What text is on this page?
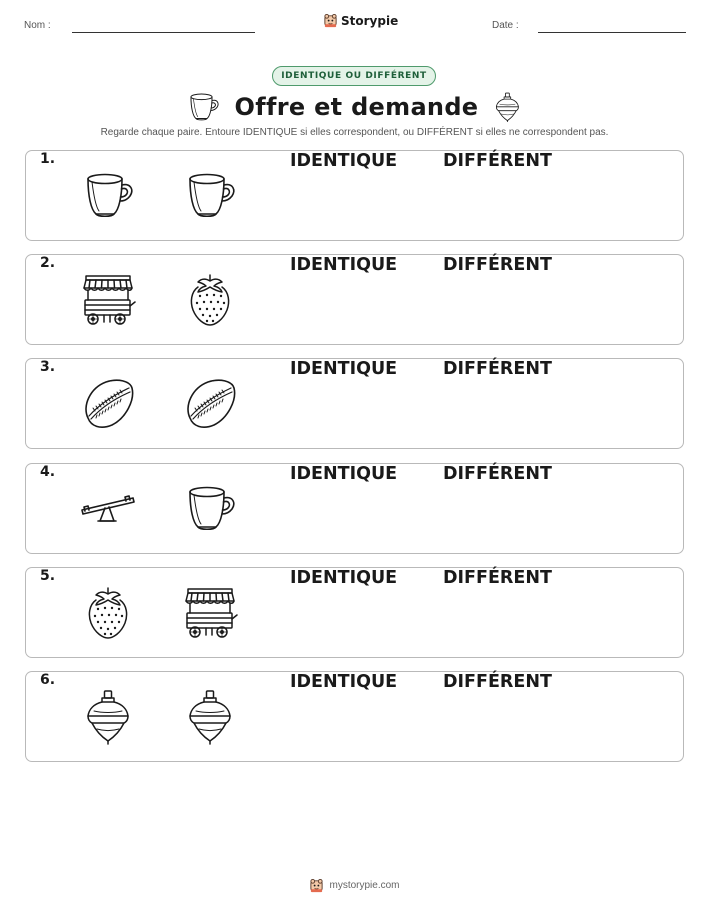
Nom :	Storypie	Date :
IDENTIQUE OU DIFFÉRENT
Offre et demande
Regarde chaque paire. Entoure IDENTIQUE si elles correspondent, ou DIFFÉRENT si elles ne correspondent pas.
1.	IDENTIQUE	DIFFÉRENT
2.	IDENTIQUE	DIFFÉRENT
3.	IDENTIQUE	DIFFÉRENT
4.	IDENTIQUE	DIFFÉRENT
5.	IDENTIQUE	DIFFÉRENT
6.	IDENTIQUE	DIFFÉRENT
mystorypie.com
